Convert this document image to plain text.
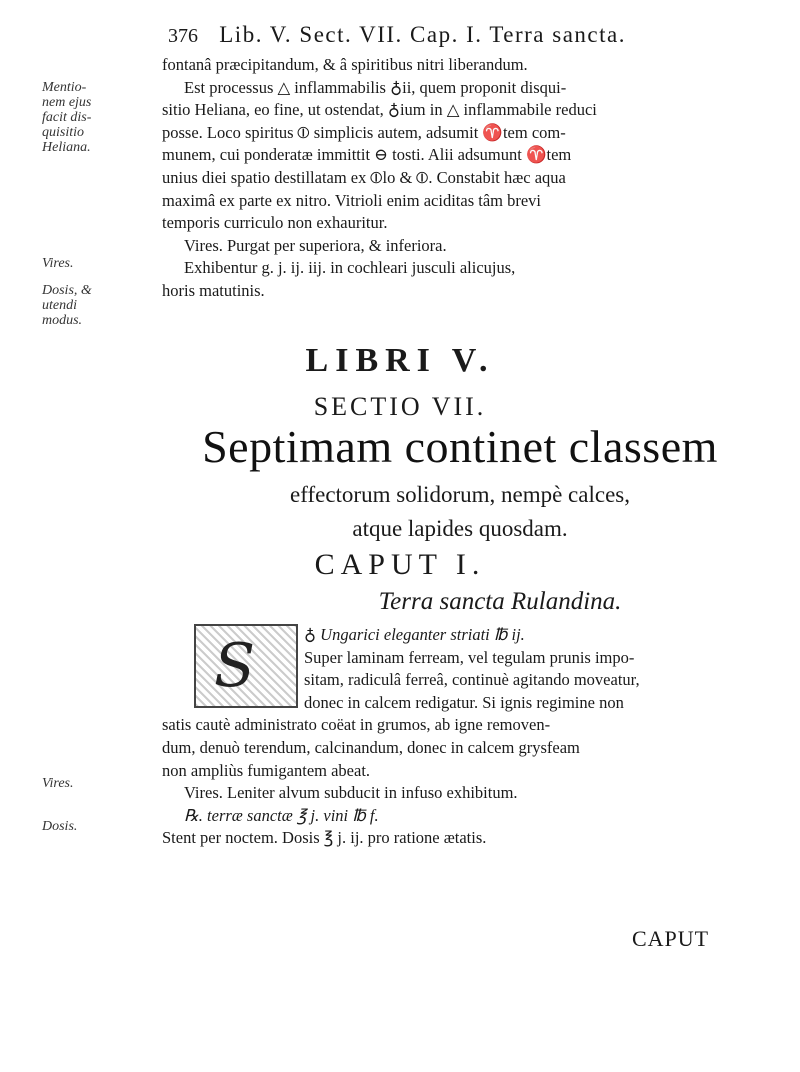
376 Lib. V. Sect. VII. Cap. I. Terra sancta.
Mentio-
nem ejus
facit dis-
quisitio
Heliana.
Vires.
Dosis, &
utendi
modus.
Vires.
Dosis.
fontanâ præcipitandum, & â spiritibus nitri liberandum.
Est processus △ inflammabilis ♁ii, quem proponit disqui-
sitio Heliana, eo fine, ut ostendat, ♁ium in △ inflammabile reduci
posse. Loco spiritus ⦶ simplicis autem, adsumit ♈tem com-
munem, cui ponderatæ immittit ⊖ tosti. Alii adsumunt ♈tem
unius diei spatio destillatam ex ⦶lo & ⦶. Constabit hæc aqua
maximâ ex parte ex nitro. Vitrioli enim aciditas tâm brevi
temporis curriculo non exhauritur.
Vires. Purgat per superiora, & inferiora.
Exhibentur g. j. ij. iij. in cochleari jusculi alicujus,
horis matutinis.
LIBRI V.
SECTIO VII.
Septimam continet classem
effectorum solidorum, nempè calces,
atque lapides quosdam.
CAPUT I.
Terra sancta Rulandina.
S	♁ Ungarici eleganter striati ℔ ij.
Super laminam ferream, vel tegulam prunis impo-
sitam, radiculâ ferreâ, continuè agitando moveatur,
donec in calcem redigatur. Si ignis regimine non
satis cautè administrato coëat in grumos, ab igne removen-
dum, denuò terendum, calcinandum, donec in calcem grysfeam
non ampliùs fumigantem abeat.
Vires. Leniter alvum subducit in infuso exhibitum.
℞. terræ sanctæ ℥ j. vini ℔ f.
Stent per noctem. Dosis ℥ j. ij. pro ratione ætatis.
CAPUT
